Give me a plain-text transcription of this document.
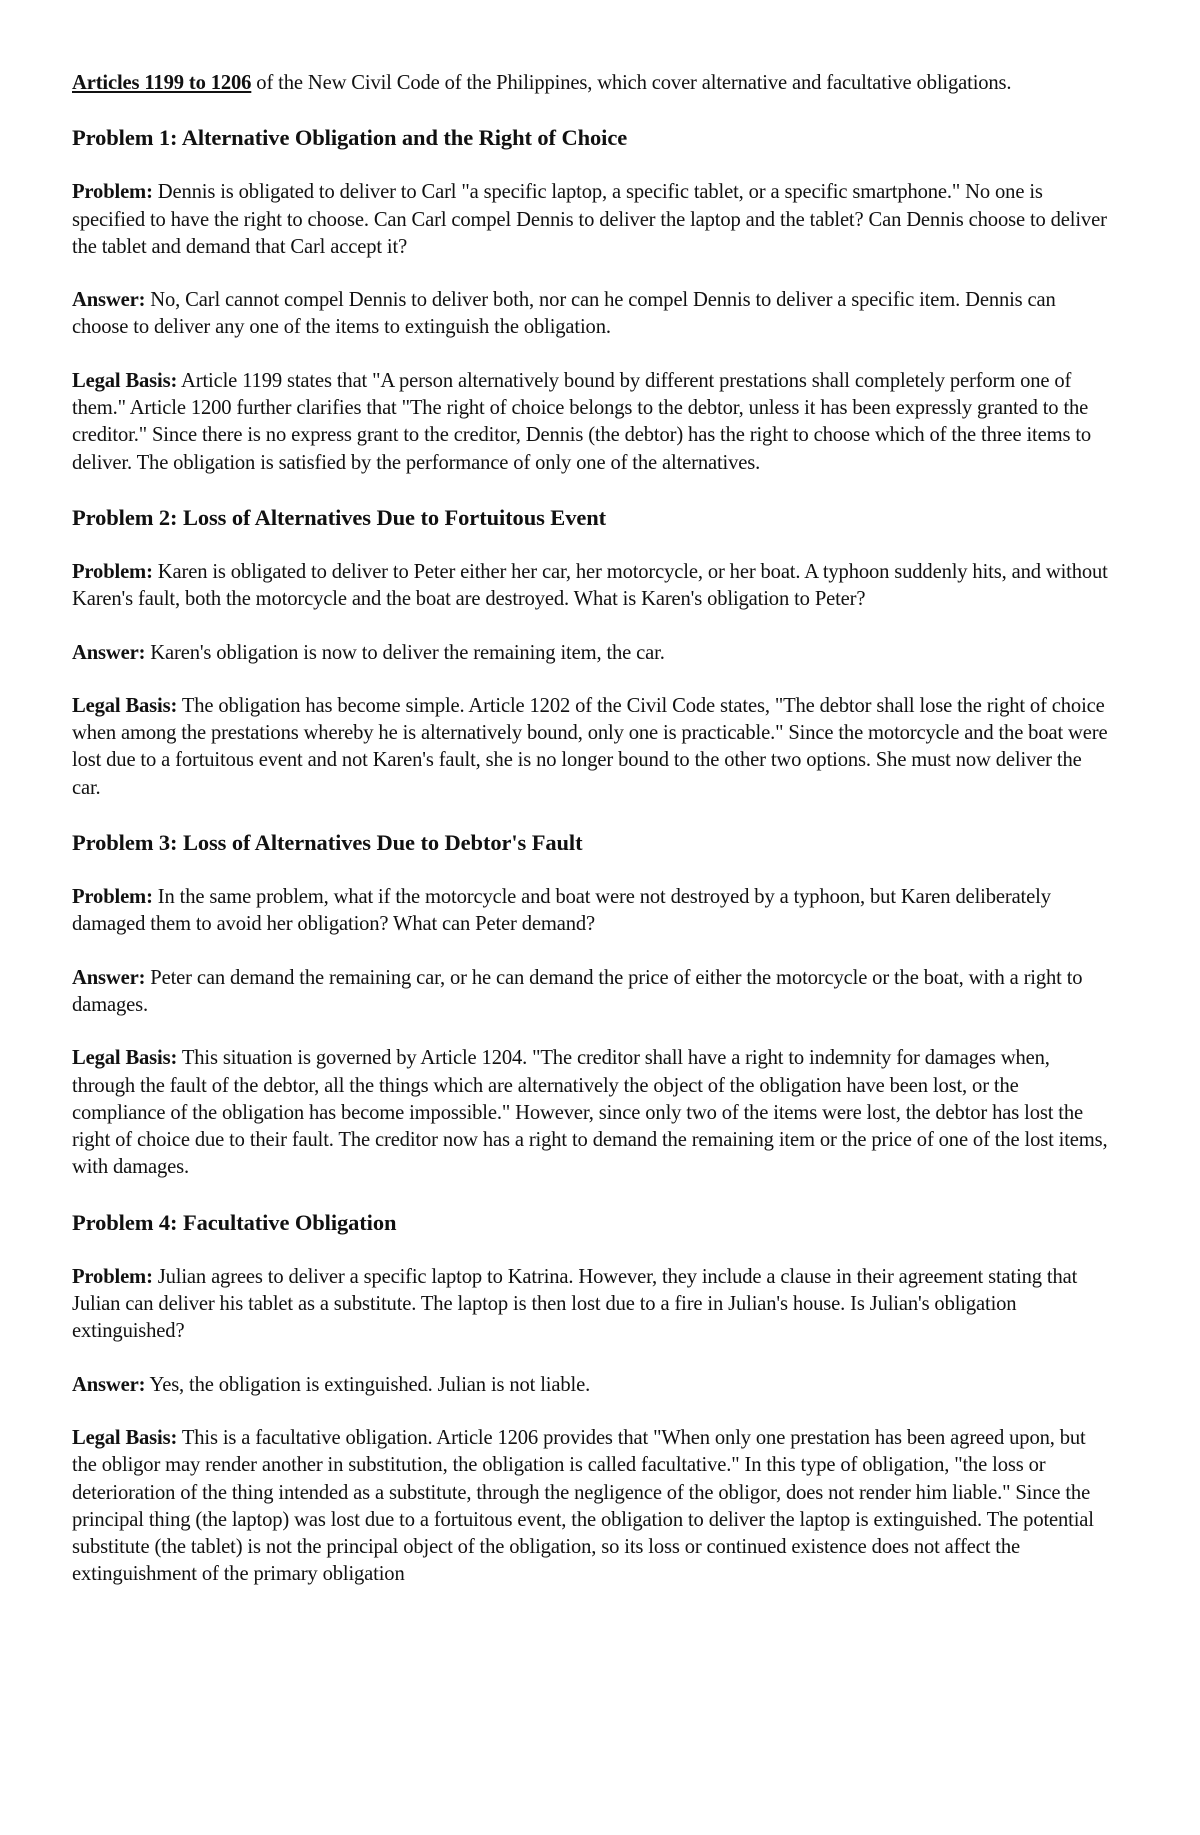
Articles 1199 to 1206 of the New Civil Code of the Philippines, which cover alternative and facultative obligations.

Problem 1: Alternative Obligation and the Right of Choice

Problem: Dennis is obligated to deliver to Carl "a specific laptop, a specific tablet, or a specific smartphone." No one is specified to have the right to choose. Can Carl compel Dennis to deliver the laptop and the tablet? Can Dennis choose to deliver the tablet and demand that Carl accept it?

Answer: No, Carl cannot compel Dennis to deliver both, nor can he compel Dennis to deliver a specific item. Dennis can choose to deliver any one of the items to extinguish the obligation.

Legal Basis: Article 1199 states that "A person alternatively bound by different prestations shall completely perform one of them." Article 1200 further clarifies that "The right of choice belongs to the debtor, unless it has been expressly granted to the creditor." Since there is no express grant to the creditor, Dennis (the debtor) has the right to choose which of the three items to deliver. The obligation is satisfied by the performance of only one of the alternatives.

Problem 2: Loss of Alternatives Due to Fortuitous Event

Problem: Karen is obligated to deliver to Peter either her car, her motorcycle, or her boat. A typhoon suddenly hits, and without Karen's fault, both the motorcycle and the boat are destroyed. What is Karen's obligation to Peter?

Answer: Karen's obligation is now to deliver the remaining item, the car.

Legal Basis: The obligation has become simple. Article 1202 of the Civil Code states, "The debtor shall lose the right of choice when among the prestations whereby he is alternatively bound, only one is practicable." Since the motorcycle and the boat were lost due to a fortuitous event and not Karen's fault, she is no longer bound to the other two options. She must now deliver the car.

Problem 3: Loss of Alternatives Due to Debtor's Fault

Problem: In the same problem, what if the motorcycle and boat were not destroyed by a typhoon, but Karen deliberately damaged them to avoid her obligation? What can Peter demand?

Answer: Peter can demand the remaining car, or he can demand the price of either the motorcycle or the boat, with a right to damages.

Legal Basis: This situation is governed by Article 1204. "The creditor shall have a right to indemnity for damages when, through the fault of the debtor, all the things which are alternatively the object of the obligation have been lost, or the compliance of the obligation has become impossible." However, since only two of the items were lost, the debtor has lost the right of choice due to their fault. The creditor now has a right to demand the remaining item or the price of one of the lost items, with damages.

Problem 4: Facultative Obligation

Problem: Julian agrees to deliver a specific laptop to Katrina. However, they include a clause in their agreement stating that Julian can deliver his tablet as a substitute. The laptop is then lost due to a fire in Julian's house. Is Julian's obligation extinguished?

Answer: Yes, the obligation is extinguished. Julian is not liable.

Legal Basis: This is a facultative obligation. Article 1206 provides that "When only one prestation has been agreed upon, but the obligor may render another in substitution, the obligation is called facultative." In this type of obligation, "the loss or deterioration of the thing intended as a substitute, through the negligence of the obligor, does not render him liable." Since the principal thing (the laptop) was lost due to a fortuitous event, the obligation to deliver the laptop is extinguished. The potential substitute (the tablet) is not the principal object of the obligation, so its loss or continued existence does not affect the extinguishment of the primary obligation
